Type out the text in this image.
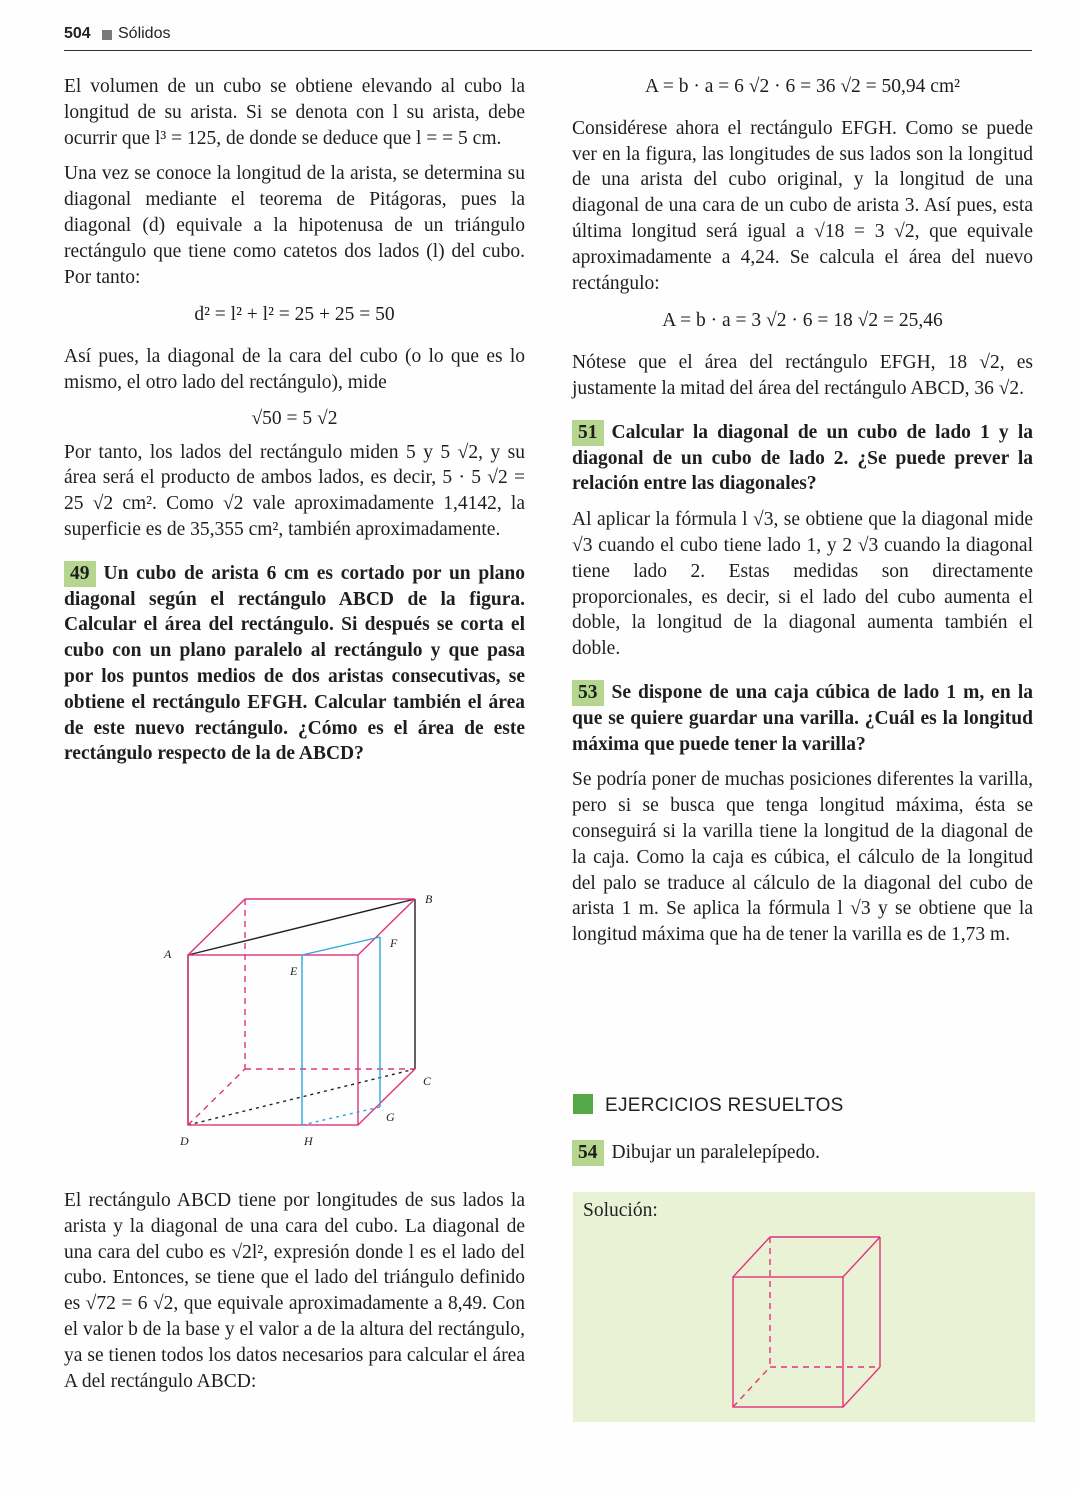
504 Sólidos

El volumen de un cubo se obtiene elevando al cubo la longitud de su arista. Si se denota con l su arista, debe ocurrir que l³ = 125, de donde se deduce que l = = 5 cm.

Una vez se conoce la longitud de la arista, se determina su diagonal mediante el teorema de Pitágoras, pues la diagonal (d) equivale a la hipotenusa de un triángulo rectángulo que tiene como catetos dos lados (l) del cubo. Por tanto:

d² = l² + l² = 25 + 25 = 50

Así pues, la diagonal de la cara del cubo (o lo que es lo mismo, el otro lado del rectángulo), mide

√50 = 5 √2

Por tanto, los lados del rectángulo miden 5 y 5 √2, y su área será el producto de ambos lados, es decir, 5 · 5 √2 = 25 √2 cm². Como √2 vale aproximadamente 1,4142, la superficie es de 35,355 cm², también aproximadamente.

49 Un cubo de arista 6 cm es cortado por un plano diagonal según el rectángulo ABCD de la figura. Calcular el área del rectángulo. Si después se corta el cubo con un plano paralelo al rectángulo y que pasa por los puntos medios de dos aristas consecutivas, se obtiene el rectángulo EFGH. Calcular también el área de este nuevo rectángulo. ¿Cómo es el área de este rectángulo respecto de la de ABCD?
A
B
C
D
E
F
G
H

El rectángulo ABCD tiene por longitudes de sus lados la arista y la diagonal de una cara del cubo. La diagonal de una cara del cubo es √2l², expresión donde l es el lado del cubo. Entonces, se tiene que el lado del triángulo definido es √72 = 6 √2, que equivale aproximadamente a 8,49. Con el valor b de la base y el valor a de la altura del rectángulo, ya se tienen todos los datos necesarios para calcular el área A del rectángulo ABCD:

A = b · a = 6 √2 · 6 = 36 √2 = 50,94 cm²

Considérese ahora el rectángulo EFGH. Como se puede ver en la figura, las longitudes de sus lados son la longitud de una arista del cubo original, y la longitud de una diagonal de una cara de un cubo de arista 3. Así pues, esta última longitud será igual a √18 = 3 √2, que equivale aproximadamente a 4,24. Se calcula el área del nuevo rectángulo:

A = b · a = 3 √2 · 6 = 18 √2 = 25,46

Nótese que el área del rectángulo EFGH, 18 √2, es justamente la mitad del área del rectángulo ABCD, 36 √2.

51 Calcular la diagonal de un cubo de lado 1 y la diagonal de un cubo de lado 2. ¿Se puede prever la relación entre las diagonales?

Al aplicar la fórmula l √3, se obtiene que la diagonal mide √3 cuando el cubo tiene lado 1, y 2 √3 cuando la diagonal tiene lado 2. Estas medidas son directamente proporcionales, es decir, si el lado del cubo aumenta el doble, la longitud de la diagonal aumenta también el doble.

53 Se dispone de una caja cúbica de lado 1 m, en la que se quiere guardar una varilla. ¿Cuál es la longitud máxima que puede tener la varilla?

Se podría poner de muchas posiciones diferentes la varilla, pero si se busca que tenga longitud máxima, ésta se conseguirá si la varilla tiene la longitud de la diagonal de la caja. Como la caja es cúbica, el cálculo de la longitud del palo se traduce al cálculo de la diagonal del cubo de arista 1 m. Se aplica la fórmula l √3 y se obtiene que la longitud máxima que ha de tener la varilla es de 1,73 m.

EJERCICIOS RESUELTOS
54 Dibujar un paralelepípedo.
Solución:
